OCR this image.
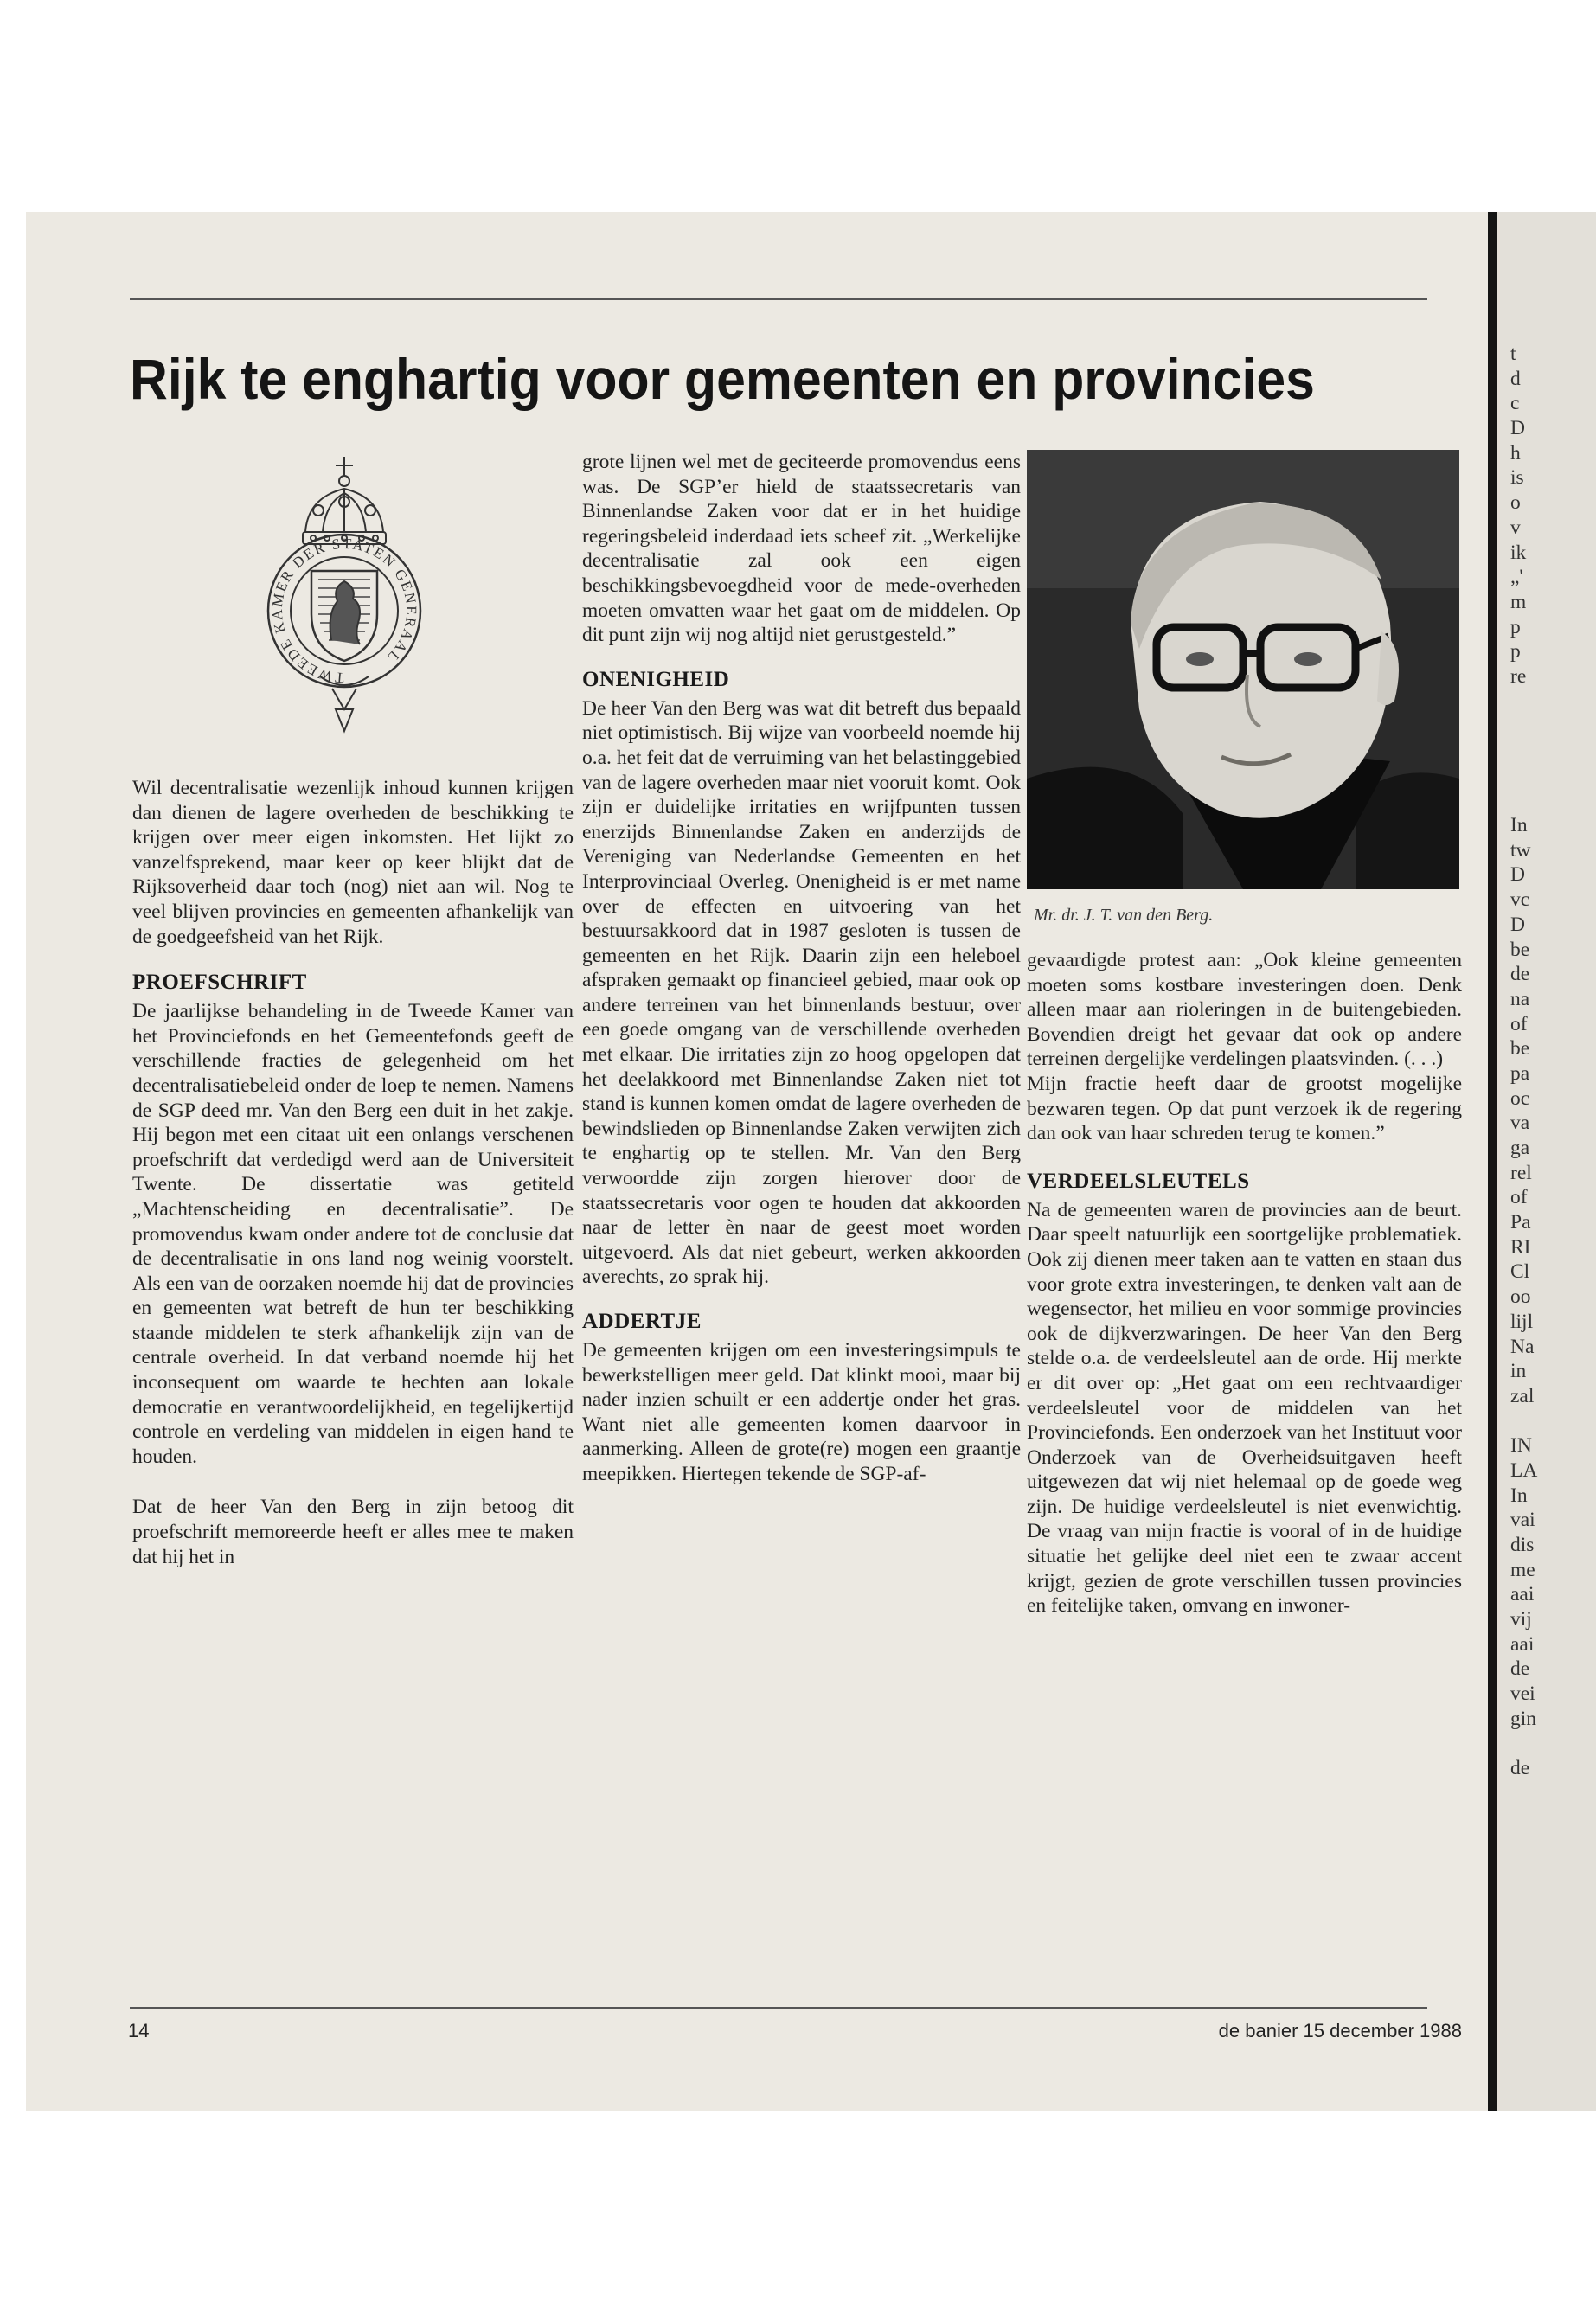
Rijk te enghartig voor gemeenten en provincies
TWEEDE KAMER DER STATEN GENERAAL

Wil decentralisatie wezenlijk inhoud kunnen krijgen dan dienen de lagere overheden de beschikking te krijgen over meer eigen inkomsten. Het lijkt zo vanzelfsprekend, maar keer op keer blijkt dat de Rijksoverheid daar toch (nog) niet aan wil. Nog te veel blijven provincies en gemeenten afhankelijk van de goedgeefsheid van het Rijk.

PROEFSCHRIFT

De jaarlijkse behandeling in de Tweede Kamer van het Provinciefonds en het Gemeentefonds geeft de verschillende fracties de gelegenheid om het decentralisatiebeleid onder de loep te nemen. Namens de SGP deed mr. Van den Berg een duit in het zakje. Hij begon met een citaat uit een onlangs verschenen proefschrift dat verdedigd werd aan de Universiteit Twente. De dissertatie was getiteld „Machtenscheiding en decentralisatie”. De promovendus kwam onder andere tot de conclusie dat de decentralisatie in ons land nog weinig voorstelt. Als een van de oorzaken noemde hij dat de provincies en gemeenten wat betreft de hun ter beschikking staande middelen te sterk afhankelijk zijn van de centrale overheid. In dat verband noemde hij het inconsequent om waarde te hechten aan lokale democratie en verantwoordelijkheid, en tegelijkertijd controle en verdeling van middelen in eigen hand te houden.

Dat de heer Van den Berg in zijn betoog dit proefschrift memoreerde heeft er alles mee te maken dat hij het in

grote lijnen wel met de geciteerde promovendus eens was. De SGP’er hield de staatssecretaris van Binnenlandse Zaken voor dat er in het huidige regeringsbeleid inderdaad iets scheef zit. „Werkelijke decentralisatie zal ook een eigen beschikkingsbevoegdheid voor de mede-overheden moeten omvatten waar het gaat om de middelen. Op dit punt zijn wij nog altijd niet gerustgesteld.”

ONENIGHEID

De heer Van den Berg was wat dit betreft dus bepaald niet optimistisch. Bij wijze van voorbeeld noemde hij o.a. het feit dat de verruiming van het belastinggebied van de lagere overheden maar niet vooruit komt. Ook zijn er duidelijke irritaties en wrijfpunten tussen enerzijds Binnenlandse Zaken en anderzijds de Vereniging van Nederlandse Gemeenten en het Interprovinciaal Overleg. Onenigheid is er met name over de effecten en uitvoering van het bestuursakkoord dat in 1987 gesloten is tussen de gemeenten en het Rijk. Daarin zijn een heleboel afspraken gemaakt op financieel gebied, maar ook op andere terreinen van het binnenlands bestuur, over een goede omgang van de verschillende overheden met elkaar. Die irritaties zijn zo hoog opgelopen dat het deelakkoord met Binnenlandse Zaken niet tot stand is kunnen komen omdat de lagere overheden de bewindslieden op Binnenlandse Zaken verwijten zich te enghartig op te stellen. Mr. Van den Berg verwoordde zijn zorgen hierover door de staatssecretaris voor ogen te houden dat akkoorden naar de letter èn naar de geest moet worden uitgevoerd. Als dat niet gebeurt, werken akkoorden averechts, zo sprak hij.

ADDERTJE

De gemeenten krijgen om een investeringsimpuls te bewerkstelligen meer geld. Dat klinkt mooi, maar bij nader inzien schuilt er een addertje onder het gras. Want niet alle gemeenten komen daarvoor in aanmerking. Alleen de grote(re) mogen een graantje meepikken. Hiertegen tekende de SGP-af-

Mr. dr. J. T. van den Berg.

gevaardigde protest aan: „Ook kleine gemeenten moeten soms kostbare investeringen doen. Denk alleen maar aan rioleringen in de buitengebieden. Bovendien dreigt het gevaar dat ook op andere terreinen dergelijke verdelingen plaatsvinden. (. . .)

Mijn fractie heeft daar de grootst mogelijke bezwaren tegen. Op dat punt verzoek ik de regering dan ook van haar schreden terug te komen.”

VERDEELSLEUTELS

Na de gemeenten waren de provincies aan de beurt. Daar speelt natuurlijk een soortgelijke problematiek. Ook zij dienen meer taken aan te vatten en staan dus voor grote extra investeringen, te denken valt aan de wegensector, het milieu en voor sommige provincies ook de dijkverzwaringen. De heer Van den Berg stelde o.a. de verdeelsleutel aan de orde. Hij merkte er dit over op: „Het gaat om een rechtvaardiger verdeelsleutel voor de middelen van het Provinciefonds. Een onderzoek van het Instituut voor Onderzoek van de Overheidsuitgaven heeft uitgewezen dat wij niet helemaal op de goede weg zijn. De huidige verdeelsleutel is niet evenwichtig. De vraag van mijn fractie is vooral of in de huidige situatie het gelijke deel niet een te zwaar accent krijgt, gezien de grote verschillen tussen provincies en feitelijke taken, omvang en inwoner-

14	de banier 15 december 1988
t
d
c
D
h
is
o
v
ik
„'
m
p
p
re
In
tw
D
vc
D
be
de
na
of
be
pa
oc
va
ga
rel
of
Pa
RI
Cl
oo
lijl
Na
in
zal
IN
LA
In
vai
dis
me
aai
vij
aai
de
vei
gin
de
